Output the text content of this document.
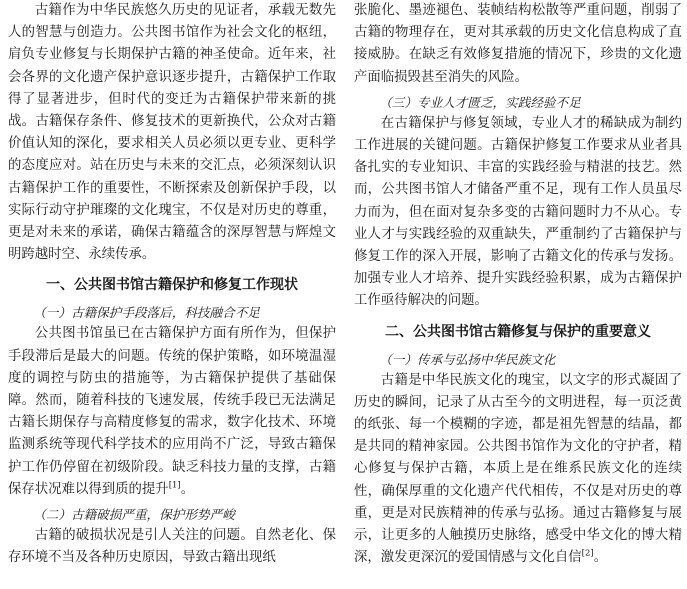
古籍作为中华民族悠久历史的见证者，承载无数先人的智慧与创造力。公共图书馆作为社会文化的枢纽，肩负专业修复与长期保护古籍的神圣使命。近年来，社会各界的文化遗产保护意识逐步提升，古籍保护工作取得了显著进步，但时代的变迁为古籍保护带来新的挑战。古籍保存条件、修复技术的更新换代，公众对古籍价值认知的深化，要求相关人员必须以更专业、更科学的态度应对。站在历史与未来的交汇点，必须深刻认识古籍保护工作的重要性，不断探索及创新保护手段，以实际行动守护璀璨的文化瑰宝，不仅是对历史的尊重，更是对未来的承诺，确保古籍蕴含的深厚智慧与辉煌文明跨越时空、永续传承。

一、公共图书馆古籍保护和修复工作现状
（一）古籍保护手段落后，科技融合不足

公共图书馆虽已在古籍保护方面有所作为，但保护手段滞后是最大的问题。传统的保护策略，如环境温湿度的调控与防虫的措施等，为古籍保护提供了基础保障。然而，随着科技的飞速发展，传统手段已无法满足古籍长期保存与高精度修复的需求，数字化技术、环境监测系统等现代科学技术的应用尚不广泛，导致古籍保护工作仍停留在初级阶段。缺乏科技力量的支撑，古籍保存状况难以得到质的提升[1]。

（二）古籍破损严重，保护形势严峻

古籍的破损状况是引人关注的问题。自然老化、保存环境不当及各种历史原因，导致古籍出现纸

张脆化、墨迹褪色、装帧结构松散等严重问题，削弱了古籍的物理存在，更对其承载的历史文化信息构成了直接威胁。在缺乏有效修复措施的情况下，珍贵的文化遗产面临损毁甚至消失的风险。

（三）专业人才匮乏，实践经验不足

在古籍保护与修复领域，专业人才的稀缺成为制约工作进展的关键问题。古籍保护修复工作要求从业者具备扎实的专业知识、丰富的实践经验与精湛的技艺。然而，公共图书馆人才储备严重不足，现有工作人员虽尽力而为，但在面对复杂多变的古籍问题时力不从心。专业人才与实践经验的双重缺失，严重制约了古籍保护与修复工作的深入开展，影响了古籍文化的传承与发扬。加强专业人才培养、提升实践经验积累，成为古籍保护工作亟待解决的问题。

二、公共图书馆古籍修复与保护的重要意义
（一）传承与弘扬中华民族文化

古籍是中华民族文化的瑰宝，以文字的形式凝固了历史的瞬间，记录了从古至今的文明进程，每一页泛黄的纸张、每一个模糊的字迹，都是祖先智慧的结晶，都是共同的精神家园。公共图书馆作为文化的守护者，精心修复与保护古籍，本质上是在维系民族文化的连续性，确保厚重的文化遗产代代相传，不仅是对历史的尊重，更是对民族精神的传承与弘扬。通过古籍修复与展示，让更多的人触摸历史脉络，感受中华文化的博大精深，激发更深沉的爱国情感与文化自信[2]。
